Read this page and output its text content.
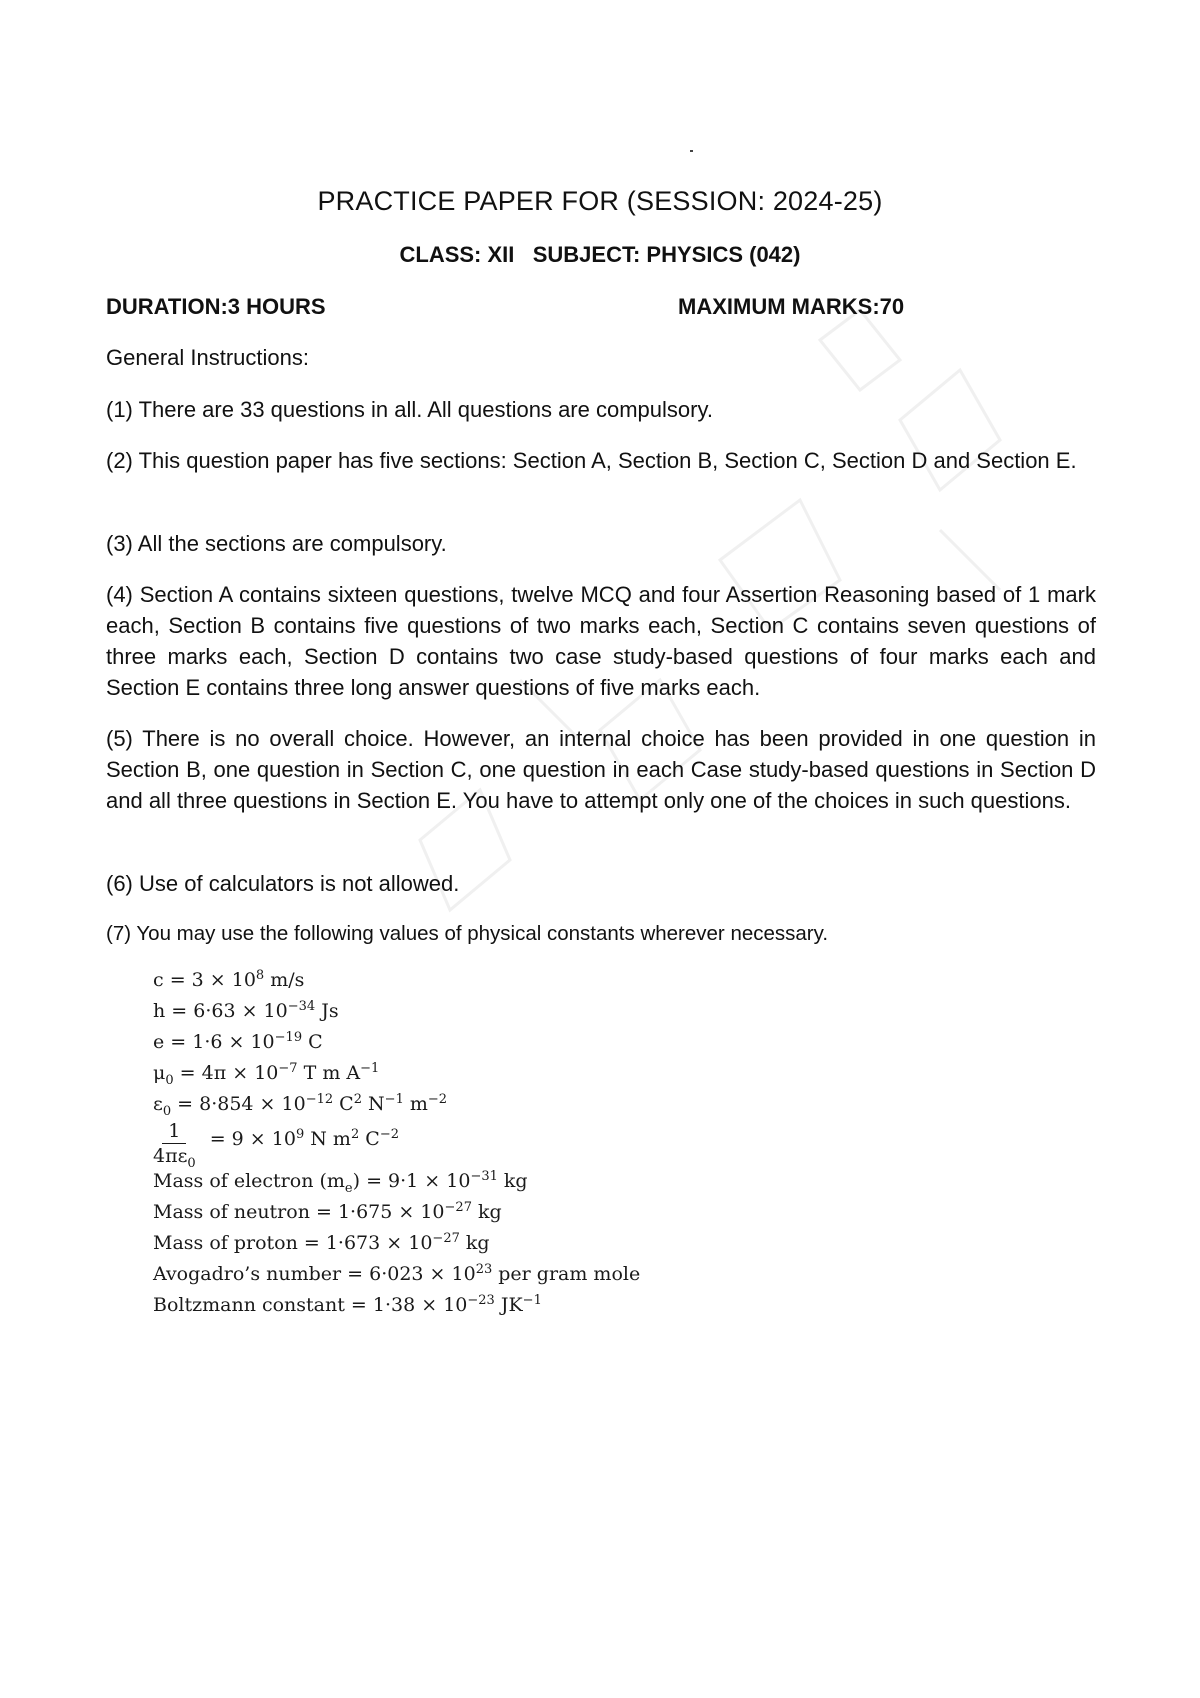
PRACTICE PAPER FOR (SESSION: 2024-25)
CLASS: XII   SUBJECT: PHYSICS (042)
DURATION:3 HOURS	MAXIMUM MARKS:70
General Instructions:
(1) There are 33 questions in all. All questions are compulsory.
(2) This question paper has five sections: Section A, Section B, Section C, Section D and Section E.
(3) All the sections are compulsory.
(4) Section A contains sixteen questions, twelve MCQ and four Assertion Reasoning based of 1 mark each, Section B contains five questions of two marks each, Section C contains seven questions of three marks each, Section D contains two case study-based questions of four marks each and Section E contains three long answer questions of five marks each.
(5) There is no overall choice. However, an internal choice has been provided in one question in Section B, one question in Section C, one question in each Case study-based questions in Section D and all three questions in Section E. You have to attempt only one of the choices in such questions.
(6) Use of calculators is not allowed.
(7) You may use the following values of physical constants wherever necessary.
$c = 3 \times 10^8$ m/s
$h = 6\cdot 63 \times 10^{-34}$ Js
$e = 1\cdot 6 \times 10^{-19}$ C
$\mu_0 = 4\pi \times 10^{-7}$ T m $A^{-1}$
$\varepsilon_0 = 8\cdot 854 \times 10^{-12}$ $C^2$ $N^{-1}$ $m^{-2}$
$\frac{1}{4\pi\varepsilon_0} = 9 \times 10^9$ N $m^2$ $C^{-2}$
Mass of electron $(m_e) = 9\cdot 1 \times 10^{-31}$ kg
Mass of neutron = $1\cdot 675 \times 10^{-27}$ kg
Mass of proton = $1\cdot 673 \times 10^{-27}$ kg
Avogadro’s number = $6\cdot 023 \times 10^{23}$ per gram mole
Boltzmann constant = $1\cdot 38 \times 10^{-23}$ $JK^{-1}$
